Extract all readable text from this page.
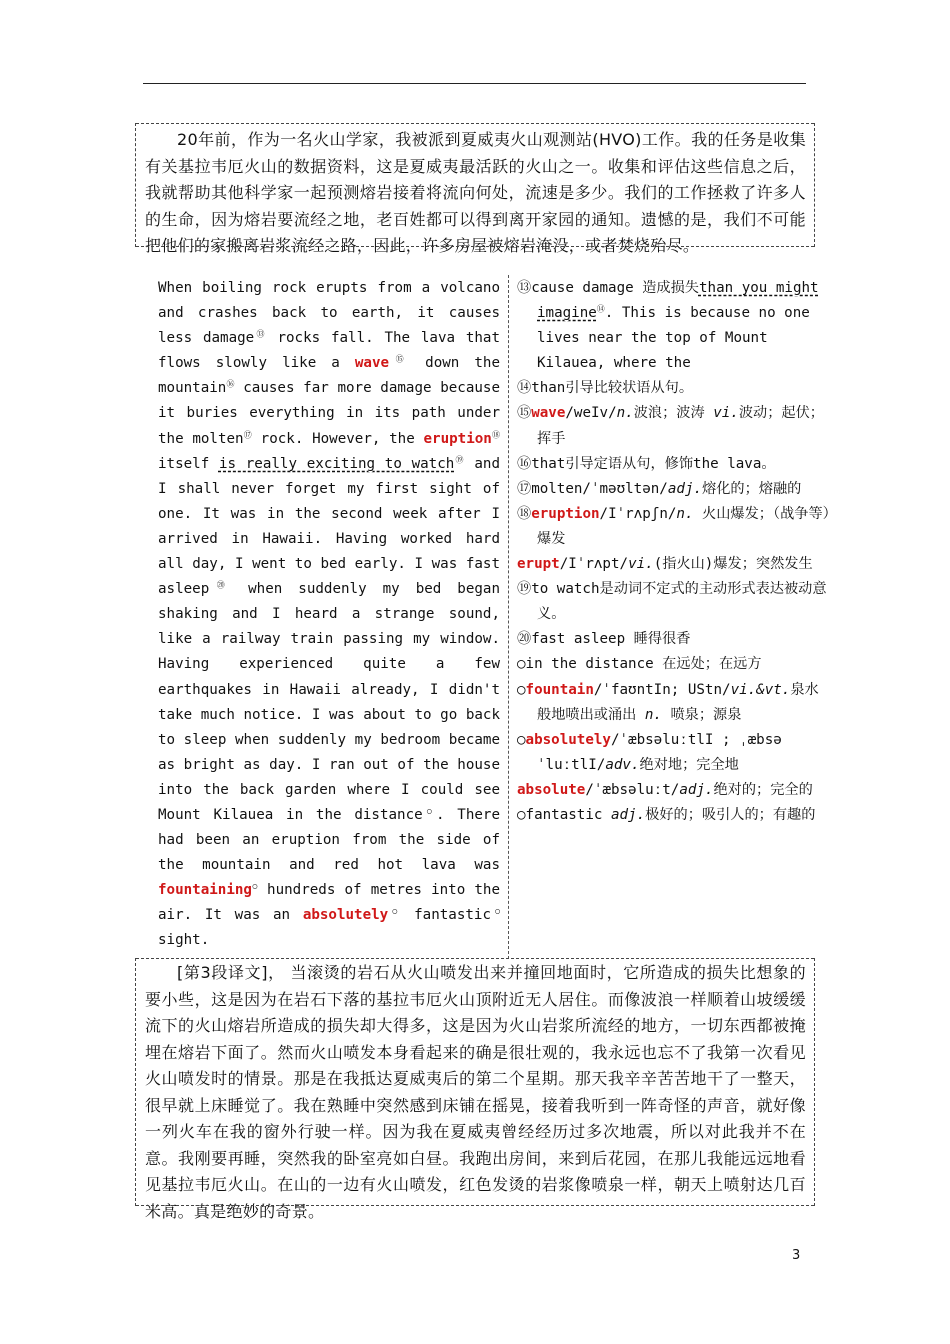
20年前，作为一名火山学家，我被派到夏威夷火山观测站(HVO)工作。我的任务是收集有关基拉韦厄火山的数据资料，这是夏威夷最活跃的火山之一。收集和评估这些信息之后，我就帮助其他科学家一起预测熔岩接着将流向何处，流速是多少。我们的工作拯救了许多人的生命，因为熔岩要流经之地，老百姓都可以得到离开家园的通知。遗憾的是，我们不可能把他们的家搬离岩浆流经之路，因此，许多房屋被熔岩淹没，或者焚烧殆尽。

When boiling rock erupts from a volcano and crashes back to earth, it causes less damage⑬ rocks fall. The lava that flows slowly like a wave⑮ down the mountain⑯ causes far more damage because it buries everything in its path under the molten⑰ rock. However, the eruption⑱ itself is really exciting to watch⑲ and I shall never forget my first sight of one. It was in the second week after I arrived in Hawaii. Having worked hard all day, I went to bed early. I was fast asleep⑳ when suddenly my bed began shaking and I heard a strange sound, like a railway train passing my window. Having experienced quite a few earthquakes in Hawaii already, I didn't take much notice. I was about to go back to sleep when suddenly my bedroom became as bright as day. I ran out of the house into the back garden where I could see Mount Kilauea in the distance○. There had been an eruption from the side of the mountain and red hot lava was fountaining○ hundreds of metres into the air. It was an absolutely○ fantastic○ sight.

⑬cause damage 造成损失than you might imagine⑭. This is because no one lives near the top of Mount Kilauea, where the

⑭than引导比较状语从句。

⑮wave/weIv/n.波浪；波涛 vi.波动；起伏；挥手

⑯that引导定语从句，修饰the lava。

⑰molten/ˈməʊltən/adj.熔化的；熔融的

⑱eruption/Iˈrʌpʃn/n. 火山爆发；（战争等）爆发

erupt/Iˈrʌpt/vi.(指火山)爆发；突然发生

⑲to watch是动词不定式的主动形式表达被动意义。

⑳fast asleep 睡得很香

○in the distance 在远处；在远方

○fountain/ˈfaʊntIn; UStn/vi.&vt.泉水般地喷出或涌出 n. 喷泉；源泉

○absolutely/ˈæbsəluːtlI ; ˌæbsəˈluːtlI/adv.绝对地；完全地

absolute/ˈæbsəluːt/adj.绝对的；完全的

○fantastic adj.极好的；吸引人的；有趣的

[第3段译文]， 当滚烫的岩石从火山喷发出来并撞回地面时，它所造成的损失比想象的要小些，这是因为在岩石下落的基拉韦厄火山顶附近无人居住。而像波浪一样顺着山坡缓缓流下的火山熔岩所造成的损失却大得多，这是因为火山岩浆所流经的地方，一切东西都被掩埋在熔岩下面了。然而火山喷发本身看起来的确是很壮观的，我永远也忘不了我第一次看见火山喷发时的情景。那是在我抵达夏威夷后的第二个星期。那天我辛辛苦苦地干了一整天，很早就上床睡觉了。我在熟睡中突然感到床铺在摇晃，接着我听到一阵奇怪的声音，就好像一列火车在我的窗外行驶一样。因为我在夏威夷曾经经历过多次地震，所以对此我并不在意。我刚要再睡，突然我的卧室亮如白昼。我跑出房间，来到后花园，在那儿我能远远地看见基拉韦厄火山。在山的一边有火山喷发，红色发烫的岩浆像喷泉一样，朝天上喷射达几百米高。真是绝妙的奇景。

3
